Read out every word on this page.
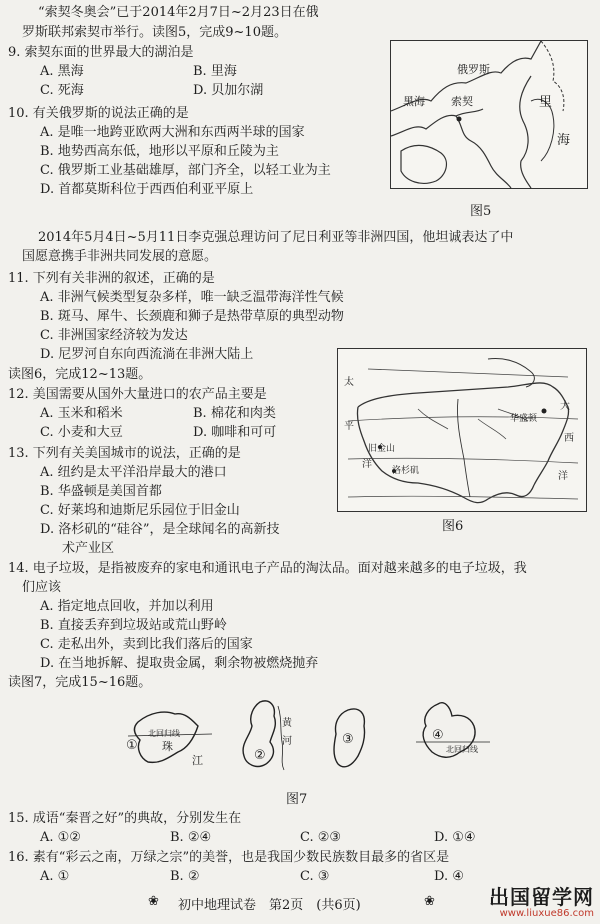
“索契冬奥会”已于2014年2月7日~2月23日在俄
罗斯联邦索契市举行。读图5，完成9~10题。
9. 索契东面的世界最大的湖泊是
A. 黑海	B. 里海
C. 死海	D. 贝加尔湖
10. 有关俄罗斯的说法正确的是
A. 是唯一地跨亚欧两大洲和东西两半球的国家
B. 地势西高东低，地形以平原和丘陵为主
C. 俄罗斯工业基础雄厚，部门齐全，以轻工业为主
D. 首都莫斯科位于西西伯利亚平原上
俄罗斯
黑海 索契	里
海
图5
2014年5月4日~5月11日李克强总理访问了尼日利亚等非洲四国，他坦诚表达了中
国愿意携手非洲共同发展的意愿。
11. 下列有关非洲的叙述，正确的是
A. 非洲气候类型复杂多样，唯一缺乏温带海洋性气候
B. 斑马、犀牛、长颈鹿和狮子是热带草原的典型动物
C. 非洲国家经济较为发达
D. 尼罗河自东向西流淌在非洲大陆上
读图6，完成12~13题。
12. 美国需要从国外大量进口的农产品主要是
A. 玉米和稻米	B. 棉花和肉类
C. 小麦和大豆	D. 咖啡和可可
13. 下列有关美国城市的说法，正确的是
A. 纽约是太平洋沿岸最大的港口
B. 华盛顿是美国首都
C. 好莱坞和迪斯尼乐园位于旧金山
D. 洛杉矶的“硅谷”，是全球闻名的高新技
术产业区
太
平
洋
旧金山
洛杉矶
华盛顿
大
西
洋
图6
14. 电子垃圾，是指被废弃的家电和通讯电子产品的淘汰品。面对越来越多的电子垃圾，我
们应该
A. 指定地点回收，并加以利用
B. 直接丢弃到垃圾站或荒山野岭
C. 走私出外，卖到比我们落后的国家
D. 在当地拆解、提取贵金属，剩余物被燃烧抛弃
读图7，完成15~16题。
北回归线
珠
江
①
黄
河
②
③	④
北回归线
图7
15. 成语“秦晋之好”的典故，分别发生在
A. ①②	B. ②④	C. ②③	D. ①④
16. 素有“彩云之南，万绿之宗”的美誉，也是我国少数民族数目最多的省区是
A. ①	B. ②	C. ③	D. ④
❀ 初中地理试卷　第2页　(共6页)	❀	出国留学网
www.liuxue86.com
